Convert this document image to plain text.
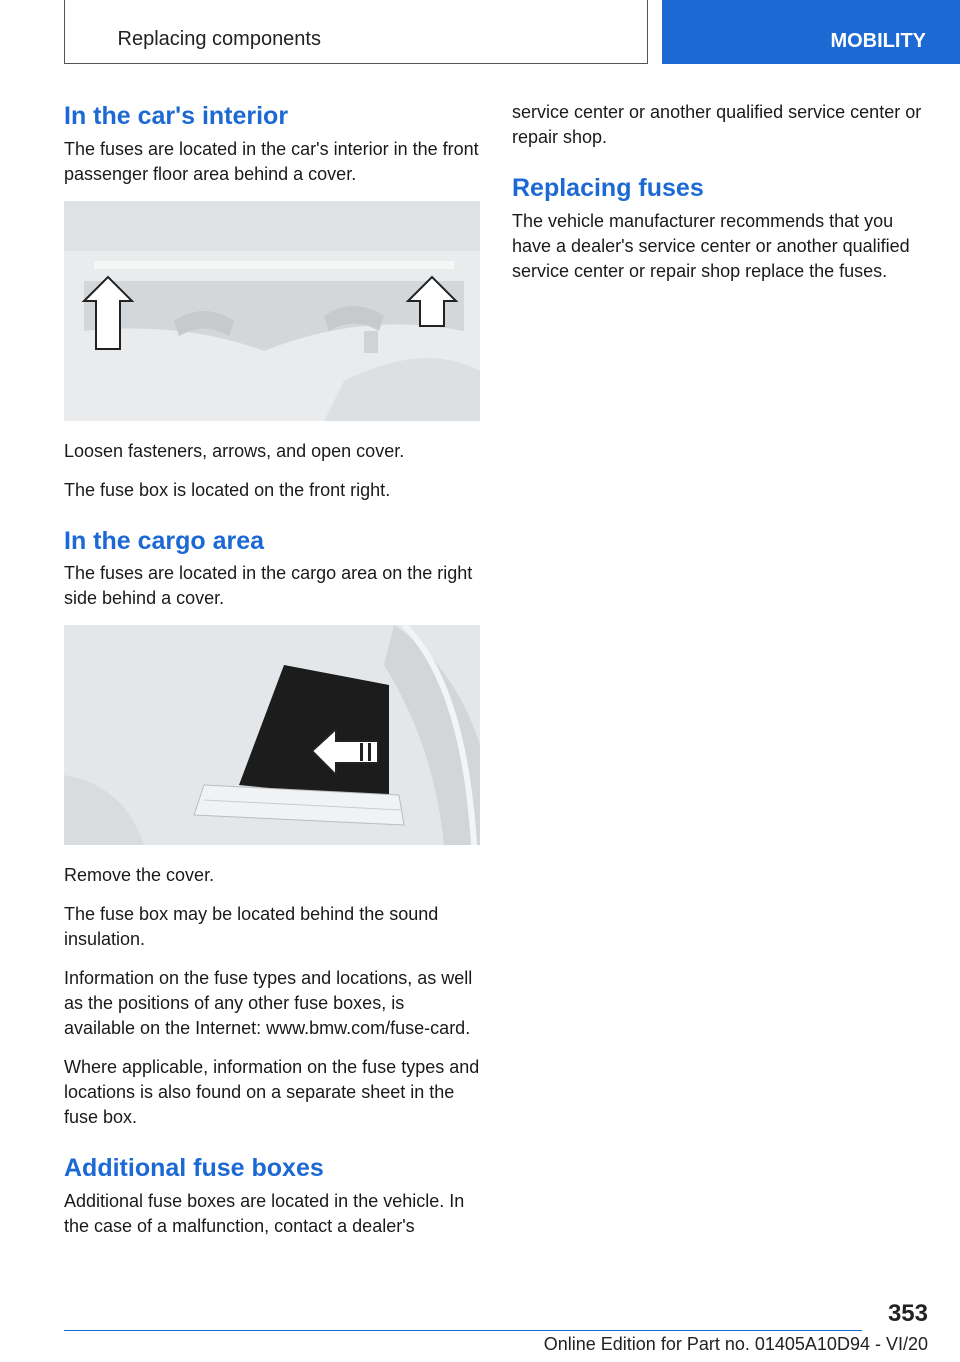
Replacing components	MOBILITY
In the car's interior

The fuses are located in the car's interior in the front passenger floor area behind a cover.

Loosen fasteners, arrows, and open cover.

The fuse box is located on the front right.

In the cargo area

The fuses are located in the cargo area on the right side behind a cover.

Remove the cover.

The fuse box may be located behind the sound insulation.

Information on the fuse types and locations, as well as the positions of any other fuse boxes, is available on the Internet: www.bmw.com/fuse-card.

Where applicable, information on the fuse types and locations is also found on a separate sheet in the fuse box.

Additional fuse boxes

Additional fuse boxes are located in the vehicle. In the case of a malfunction, contact a dealer's

service center or another qualified service center or repair shop.

Replacing fuses

The vehicle manufacturer recommends that you have a dealer's service center or another qualified service center or repair shop replace the fuses.

353
Online Edition for Part no. 01405A10D94 - VI/20
